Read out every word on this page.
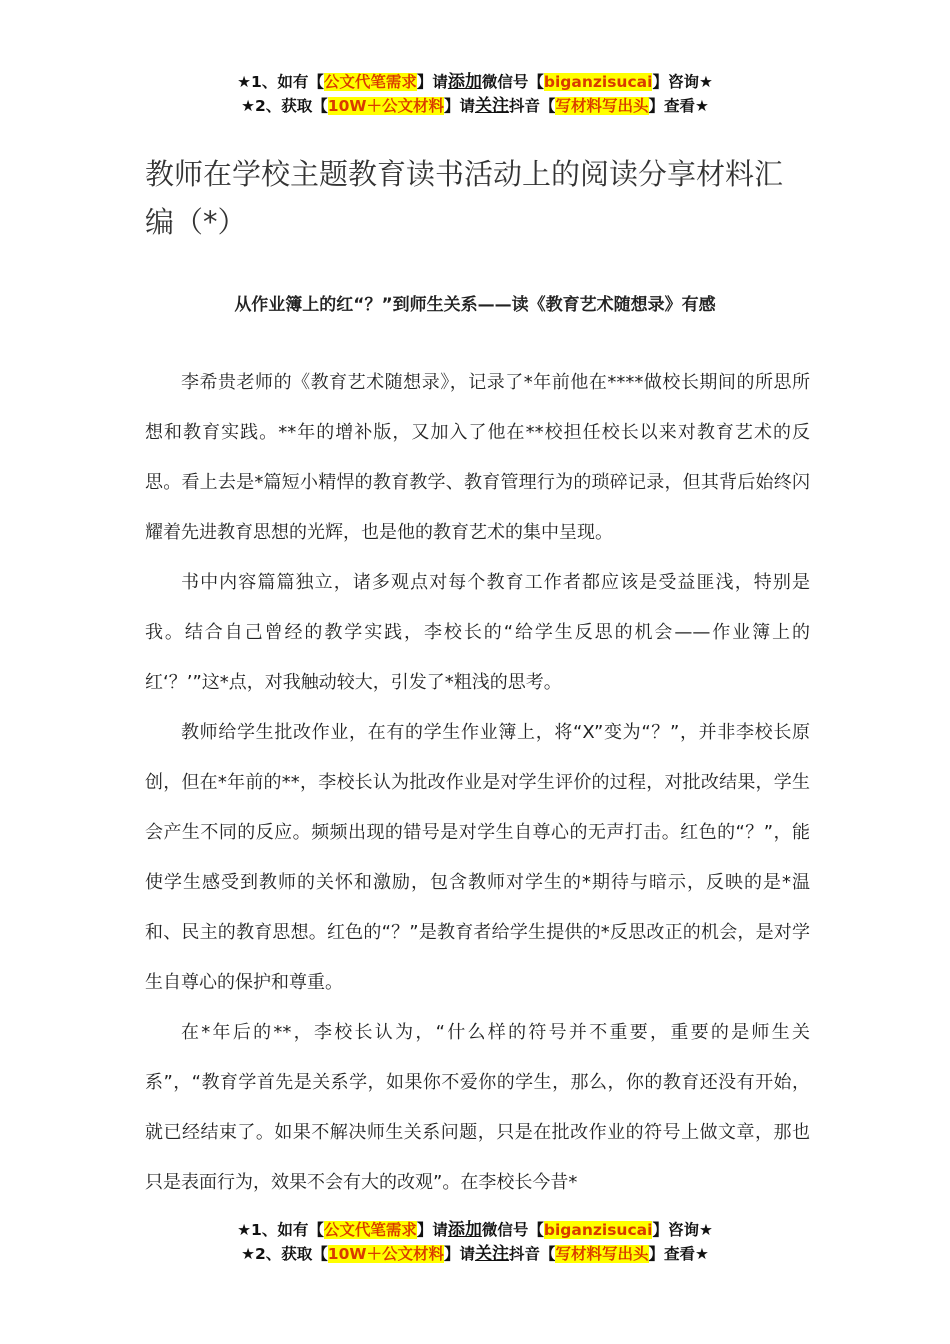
★1、如有【公文代笔需求】请添加微信号【biganzisucai】咨询★
★2、获取【10W＋公文材料】请关注抖音【写材料写出头】查看★
教师在学校主题教育读书活动上的阅读分享材料汇编（*）
从作业簿上的红“？”到师生关系——读《教育艺术随想录》有感

李希贵老师的《教育艺术随想录》，记录了*年前他在****做校长期间的所思所想和教育实践。**年的增补版，又加入了他在**校担任校长以来对教育艺术的反思。看上去是*篇短小精悍的教育教学、教育管理行为的琐碎记录，但其背后始终闪耀着先进教育思想的光辉，也是他的教育艺术的集中呈现。

书中内容篇篇独立，诸多观点对每个教育工作者都应该是受益匪浅，特别是我。结合自己曾经的教学实践，李校长的“给学生反思的机会——作业簿上的红‘？’”这*点，对我触动较大，引发了*粗浅的思考。

教师给学生批改作业，在有的学生作业簿上，将“X”变为“？”，并非李校长原创，但在*年前的**，李校长认为批改作业是对学生评价的过程，对批改结果，学生会产生不同的反应。频频出现的错号是对学生自尊心的无声打击。红色的“？”，能使学生感受到教师的关怀和激励，包含教师对学生的*期待与暗示，反映的是*温和、民主的教育思想。红色的“？”是教育者给学生提供的*反思改正的机会，是对学生自尊心的保护和尊重。

在*年后的**，李校长认为，“什么样的符号并不重要，重要的是师生关系”，“教育学首先是关系学，如果你不爱你的学生，那么，你的教育还没有开始，就已经结束了。如果不解决师生关系问题，只是在批改作业的符号上做文章，那也只是表面行为，效果不会有大的改观”。在李校长今昔*

★1、如有【公文代笔需求】请添加微信号【biganzisucai】咨询★
★2、获取【10W＋公文材料】请关注抖音【写材料写出头】查看★
